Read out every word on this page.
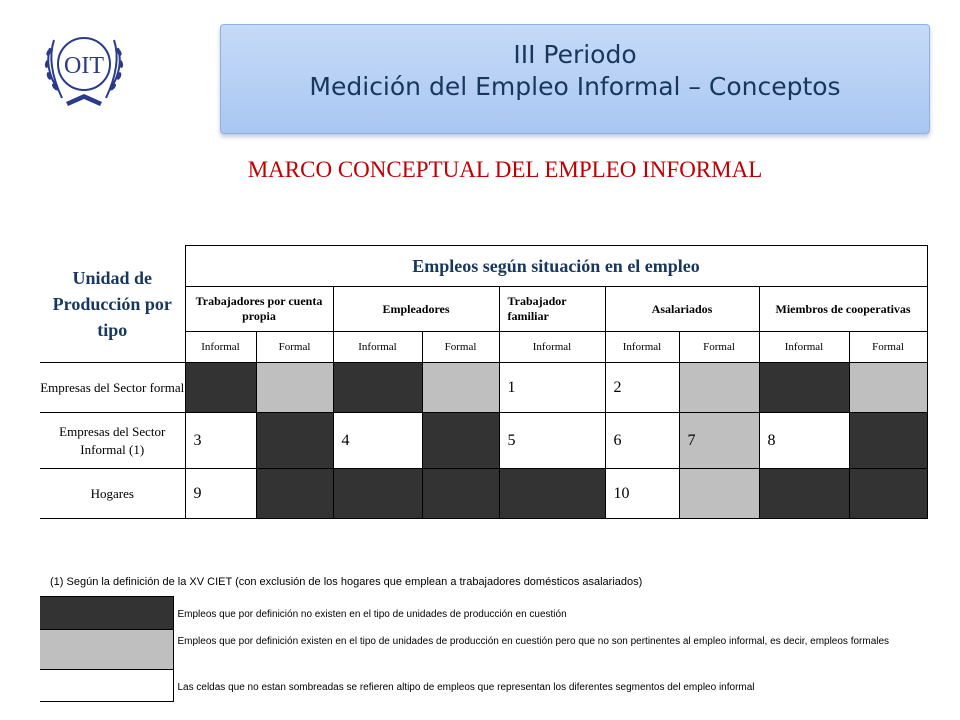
OIT	III Periodo
Medición del Empleo Informal – Conceptos
MARCO CONCEPTUAL DEL EMPLEO INFORMAL
Unidad de Producción por tipo	Empleos según situación en el empleo								
	Trabajadores por cuenta propia		Empleadores		Trabajador familiar	Asalariados		Miembros de cooperativas	
	Informal	Formal	Informal	Formal	Informal	Informal	Formal	Informal	Formal
Empresas del Sector formal					1	2			
Empresas del Sector Informal (1)	3		4		5	6	7	8	
Hogares	9					10			
(1) Según la definición de la XV CIET (con exclusión de los hogares que emplean a trabajadores domésticos asalariados)
	Empleos que por definición no existen en el tipo de unidades de producción en cuestión
	Empleos que por definición existen en el tipo de unidades de producción en cuestión pero que no son pertinentes al empleo informal, es decir, empleos formales
	Las celdas que no estan sombreadas se refieren altipo de empleos que representan los diferentes segmentos del empleo informal
